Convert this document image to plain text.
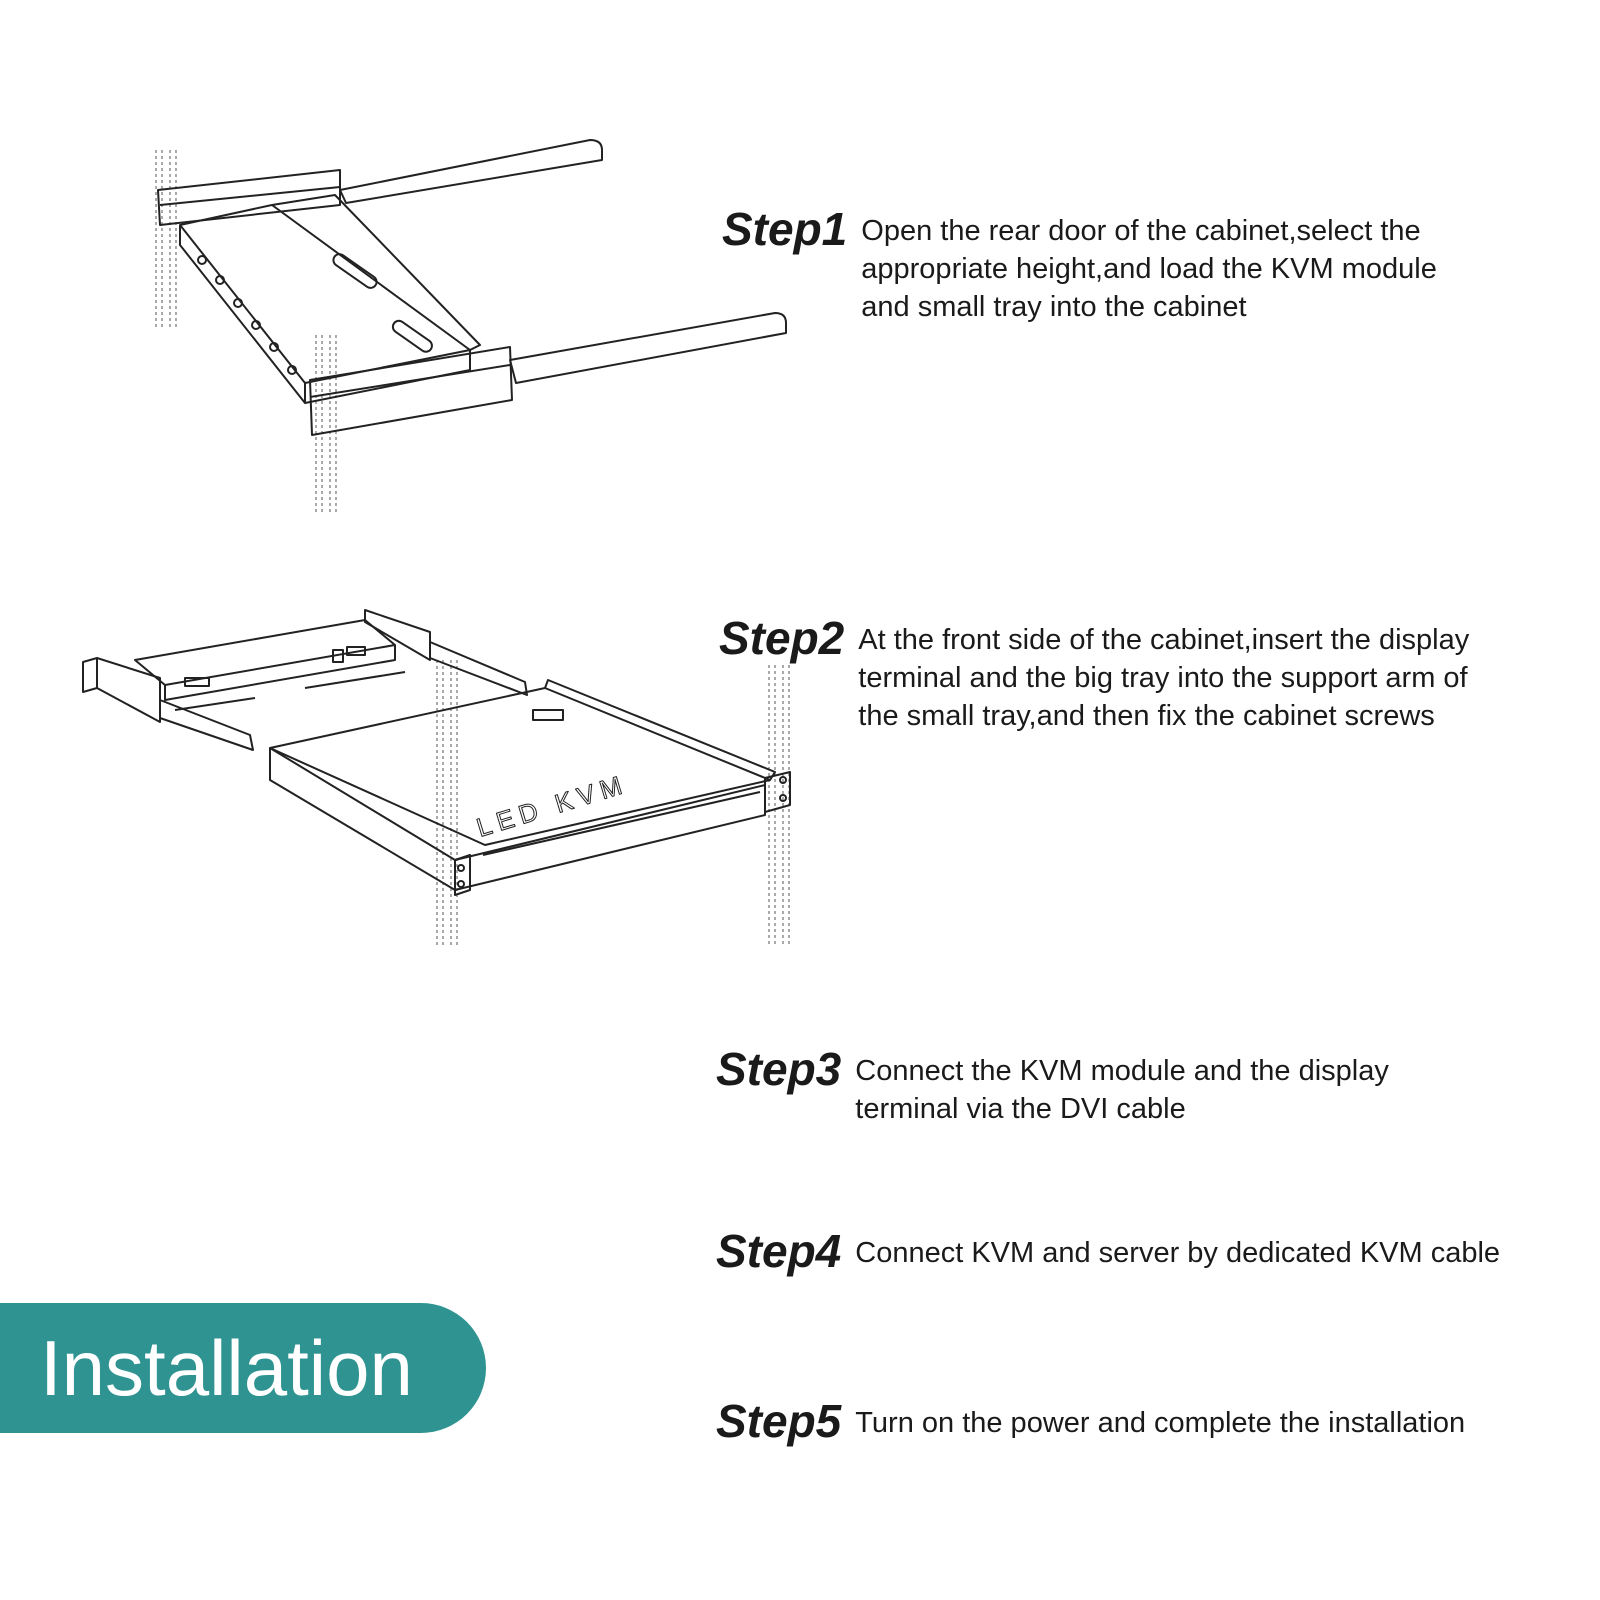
LED KVM
Step1 Open the rear door of the cabinet,select the
appropriate height,and load the KVM module
and small tray into the cabinet
Step2 At the front side of the cabinet,insert the display
terminal and the big tray into the support arm of
the small tray,and then fix the cabinet screws
Step3 Connect the KVM module and the display
terminal via the DVI cable
Step4 Connect KVM and server by dedicated KVM cable
Step5 Turn on the power and complete the installation
Installation
